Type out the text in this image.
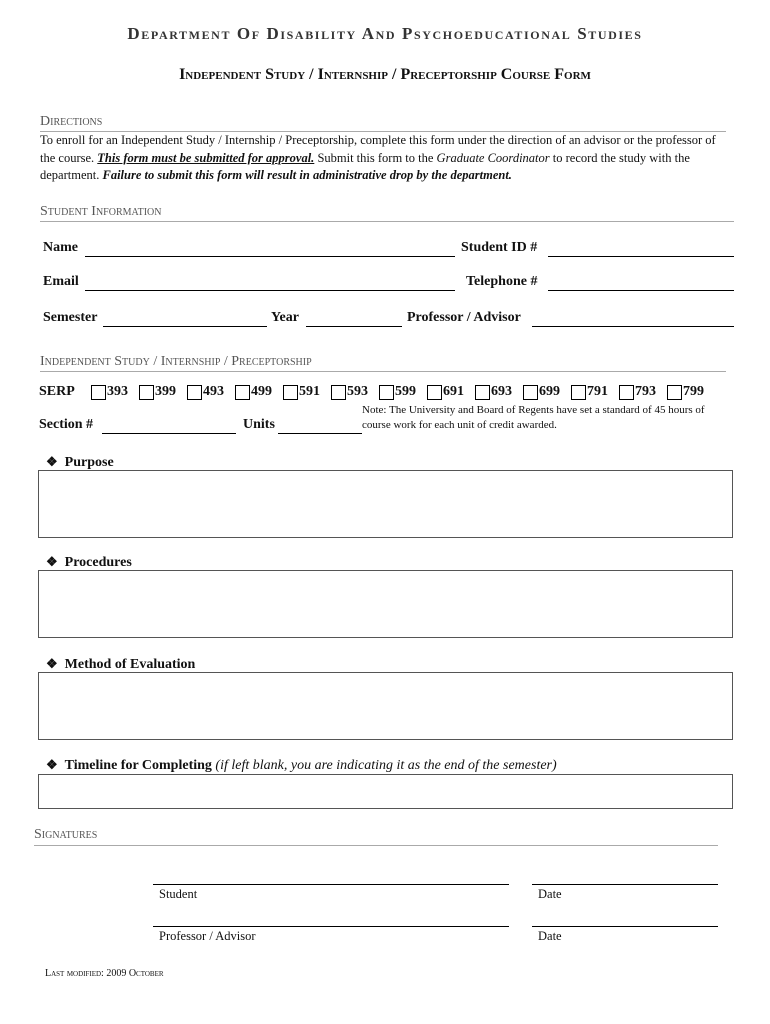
Department Of Disability And Psychoeducational Studies
Independent Study / Internship / Preceptorship Course Form
Directions
To enroll for an Independent Study / Internship / Preceptorship, complete this form under the direction of an advisor or the professor of the course. This form must be submitted for approval. Submit this form to the Graduate Coordinator to record the study with the department. Failure to submit this form will result in administrative drop by the department.
Student Information
Name	Student ID #
Email	Telephone #
Semester	Year	Professor / Advisor
Independent Study / Internship / Preceptorship
SERP 393 399 493 499 591 593 599 691 693 699 791 793 799
Section #	Units
Note: The University and Board of Regents have set a standard of 45 hours of course work for each unit of credit awarded.
❖ Purpose
❖ Procedures
❖ Method of Evaluation
❖ Timeline for Completing (if left blank, you are indicating it as the end of the semester)
Signatures
Student	Date
Professor / Advisor	Date
Last modified: 2009 October
